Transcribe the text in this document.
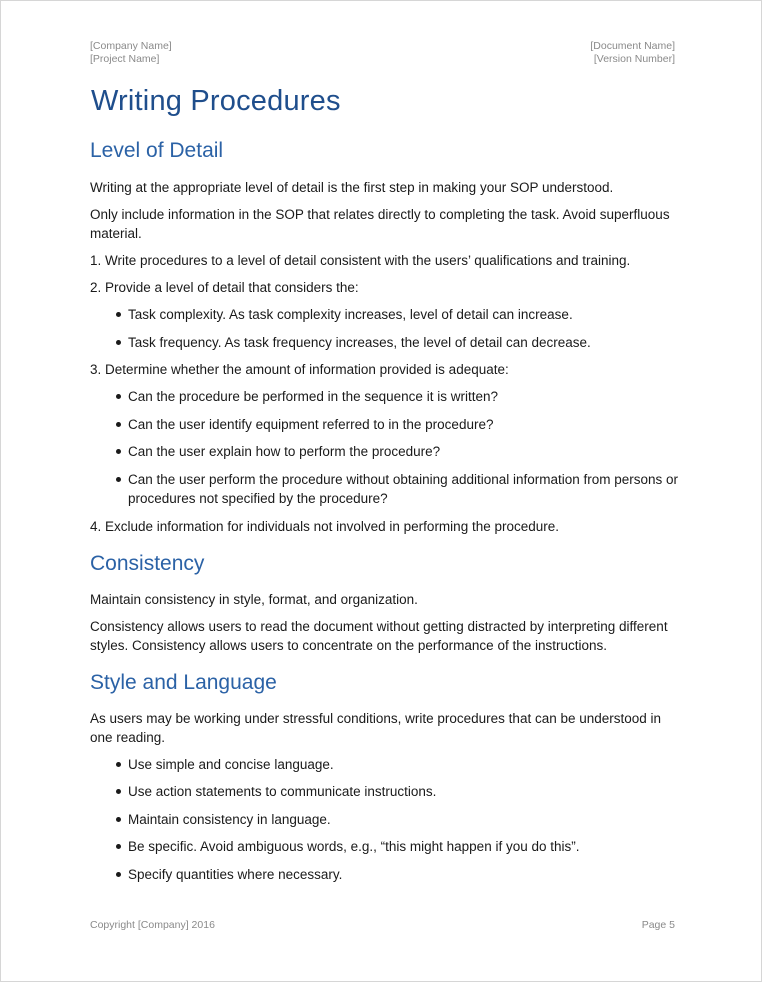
[Company Name]
[Project Name]
[Document Name]
[Version Number]
Writing Procedures
Level of Detail

Writing at the appropriate level of detail is the first step in making your SOP understood.

Only include information in the SOP that relates directly to completing the task. Avoid superfluous material.

1. Write procedures to a level of detail consistent with the users’ qualifications and training.

2. Provide a level of detail that considers the:

Task complexity. As task complexity increases, level of detail can increase.
Task frequency. As task frequency increases, the level of detail can decrease.

3. Determine whether the amount of information provided is adequate:

Can the procedure be performed in the sequence it is written?
Can the user identify equipment referred to in the procedure?
Can the user explain how to perform the procedure?
Can the user perform the procedure without obtaining additional information from persons or procedures not specified by the procedure?

4. Exclude information for individuals not involved in performing the procedure.

Consistency

Maintain consistency in style, format, and organization.

Consistency allows users to read the document without getting distracted by interpreting different styles. Consistency allows users to concentrate on the performance of the instructions.

Style and Language

As users may be working under stressful conditions, write procedures that can be understood in one reading.

Use simple and concise language.
Use action statements to communicate instructions.
Maintain consistency in language.
Be specific. Avoid ambiguous words, e.g., “this might happen if you do this”.
Specify quantities where necessary.
Copyright [Company] 2016	Page 5
